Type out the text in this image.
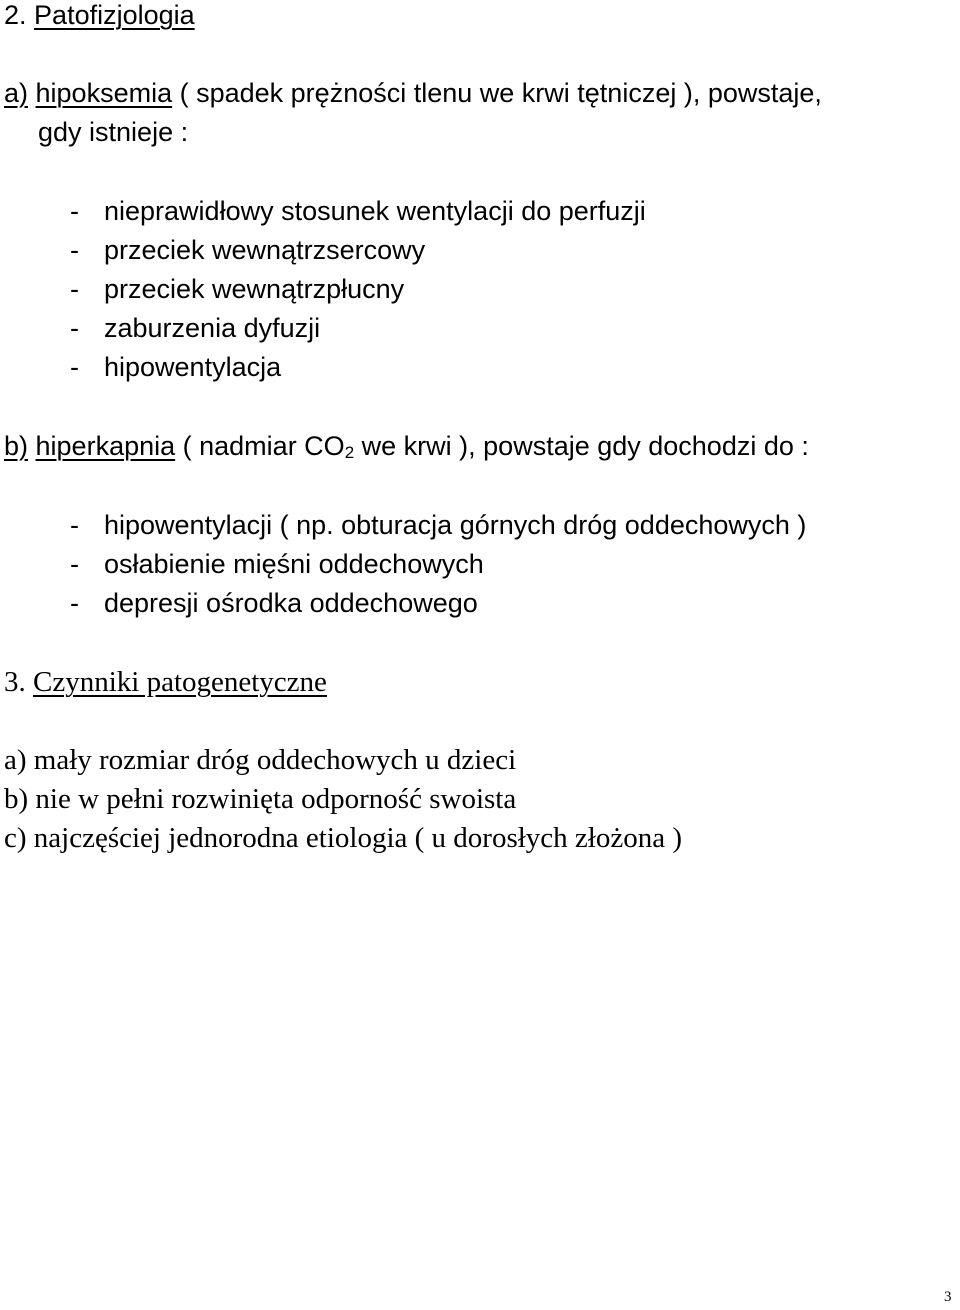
2. Patofizjologia
a) hipoksemia ( spadek prężności tlenu we krwi tętniczej ), powstaje,
gdy istnieje :
- nieprawidłowy stosunek wentylacji do perfuzji
- przeciek wewnątrzsercowy
- przeciek wewnątrzpłucny
- zaburzenia dyfuzji
- hipowentylacja
b) hiperkapnia ( nadmiar $CO_2$ we krwi ), powstaje gdy dochodzi do :
- hipowentylacji ( np. obturacja górnych dróg oddechowych )
- osłabienie mięśni oddechowych
- depresji ośrodka oddechowego
3. Czynniki patogenetyczne
a) mały rozmiar dróg oddechowych u dzieci
b) nie w pełni rozwinięta odporność swoista
c) najczęściej jednorodna etiologia ( u dorosłych złożona )
3
